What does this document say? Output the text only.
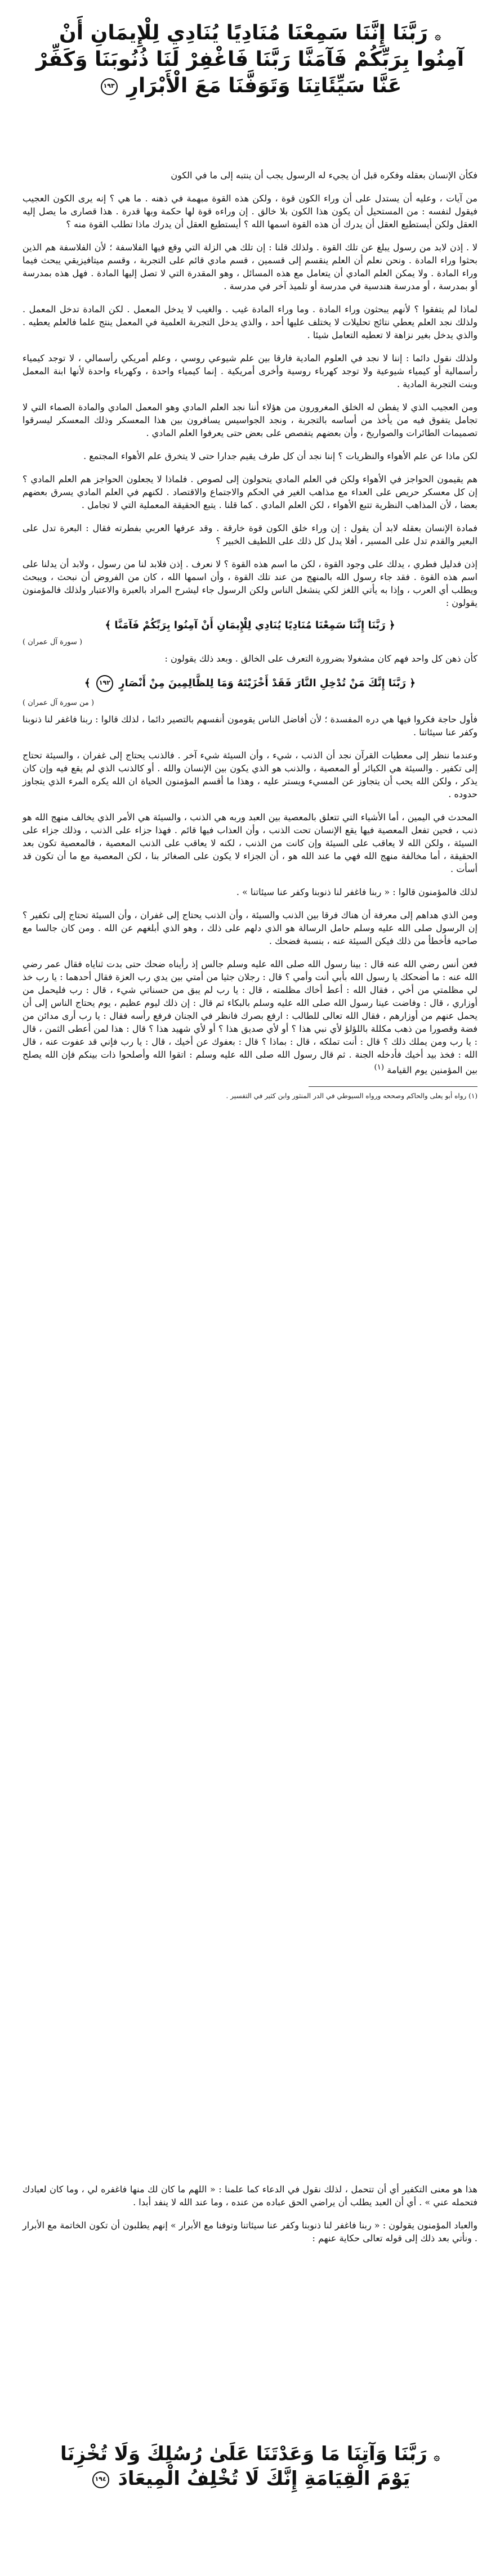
۞ رَبَّنَا إِنَّنَا سَمِعْنَا مُنَادِيًا يُنَادِي لِلْإِيمَانِ أَنْ
آمِنُوا بِرَبِّكُمْ فَآمَنَّا رَبَّنَا فَاغْفِرْ لَنَا ذُنُوبَنَا وَكَفِّرْ
عَنَّا سَيِّئَاتِنَا وَتَوَفَّنَا مَعَ الْأَبْرَارِ ١٩٣

فكأن الإنسان بعقله وفكره قبل أن يجيء له الرسول يجب أن ينتبه إلى ما في الكون

من آيات ، وعليه أن يستدل على أن وراء الكون قوة ، ولكن هذه القوة مبهمة في ذهنه . ما هي ؟ إنه يرى الكون العجيب فيقول لنفسه : من المستحيل أن يكون هذا الكون بلا خالق . إن وراءه قوة لها حكمة وبها قدرة . هذا قصارى ما يصل إليه العقل ولكن أيستطيع العقل أن يدرك أن هذه القوة اسمها الله ؟ أيستطيع العقل أن يدرك ماذا تطلب القوة منه ؟

لا . إذن لابد من رسول يبلغ عن تلك القوة . ولذلك قلنا : إن تلك هي الزلة التي وقع فيها الفلاسفة ؛ لأن الفلاسفة هم الذين بحثوا وراء المادة . ونحن نعلم أن العلم ينقسم إلى قسمين ، قسم مادي قائم على التجربة ، وقسم ميتافيزيقي يبحث فيما وراء المادة . ولا يمكن العلم المادي أن يتعامل مع هذه المسائل ، وهو المقدرة التي لا تصل إليها المادة . فهل هذه بمدرسة أو بمدرسة ، أو مدرسة هندسية في مدرسة أو تلميذ آخر في مدرسة .

لماذا لم يتفقوا ؟ لأنهم يبحثون وراء المادة . وما وراء المادة غيب . والغيب لا يدخل المعمل . لكن المادة تدخل المعمل . ولذلك نجد العلم يعطي نتائج تحليلات لا يختلف عليها أحد ، والذي يدخل التجربة العلمية في المعمل ينتج علما فالعلم يعطيه . والذي يدخل بغير نزاهة لا تعطيه التعامل شيئا .

ولذلك نقول دائما : إننا لا نجد في العلوم المادية فارقا بين علم شيوعي روسي ، وعلم أمريكي رأسمالي ، لا توجد كيمياء رأسمالية أو كيمياء شيوعية ولا توجد كهرباء روسية وأخرى أمريكية . إنما كيمياء واحدة ، وكهرباء واحدة لأنها ابنة المعمل وبنت التجربة المادية .

ومن العجيب الذي لا يفطن له الخلق المغرورون من هؤلاء أننا نجد العلم المادي وهو المعمل المادي والمادة الصماء التي لا تجامل يتفوق فيه من يأخذ من أساسه بالتجربة ، ونجد الجواسيس يسافرون بين هذا المعسكر وذلك المعسكر ليسرقوا تصميمات الطائرات والصواريخ ، وأن بعضهم يتفصص على بعض حتى يعرفوا العلم المادي .

لكن ماذا عن علم الأهواء والنظريات ؟ إننا نجد أن كل طرف يقيم جدارا حتى لا يتخرق علم الأهواء المجتمع .

هم يقيمون الحواجز في الأهواء ولكن في العلم المادي يتحولون إلى لصوص . فلماذا لا يجعلون الحواجز هم العلم المادي ؟ إن كل معسكر حريص على العداء مع مذاهب الغير في الحكم والاجتماع والاقتصاد . لكنهم في العلم المادي يسرق بعضهم بعضا ، لأن المذاهب النظرية تتبع الأهواء ، لكن العلم المادي . كما قلنا . يتبع الحقيقة المعملية التي لا تجامل .

فمادة الإنسان بعقله لابد أن يقول : إن وراء خلق الكون قوة خارقة . وقد عرفها العربي بفطرته فقال : البعرة تدل على البعير والقدم تدل على المسير ، أفلا يدل كل ذلك على اللطيف الخبير ؟

إذن فدليل فطري ، يدلك على وجود القوة ، لكن ما اسم هذه القوة ؟ لا نعرف . إذن فلابد لنا من رسول ، ولابد أن يدلنا على اسم هذه القوة . فقد جاء رسول الله بالمنهج من عند تلك القوة ، وأن اسمها الله ، كان من الفروض أن نبحث ، ويبحث ويطلب أي العرب ، وإذا به يأتي اللغز لكي ينشغل الناس ولكن الرسول جاء ليشرح المراد بالعبرة والاعتبار ولذلك فالمؤمنون يقولون :

﴿ رَبَّنَا إِنَّنَا سَمِعْنَا مُنَادِيًا يُنَادِي لِلْإِيمَانِ أَنْ آمِنُوا بِرَبِّكُمْ فَآمَنَّا ﴾
( سورة آل عمران )

كأن ذهن كل واحد فهم كان مشغولا بضرورة التعرف على الخالق . وبعد ذلك يقولون :

﴿ رَبَّنَا إِنَّكَ مَنْ تُدْخِلِ النَّارَ فَقَدْ أَخْزَيْتَهُ وَمَا لِلظَّالِمِينَ مِنْ أَنْصَارٍ ١٩٢ ﴾
( من سورة آل عمران )

فأول حاجة فكروا فيها هي دره المفسدة ؛ لأن أفاضل الناس يقومون أنفسهم بالتصير دائما ، لذلك قالوا : ربنا فاغفر لنا ذنوبنا وكفر عنا سيئاتنا .

وعندما ننظر إلى معطيات القرآن نجد أن الذنب ، شيء ، وأن السيئة شيء آخر . فالذنب يحتاج إلى غفران ، والسيئة تحتاج إلى تكفير . والسيئة هي الكبائر أو المعصية ، والذنب هو الذي يكون بين الإنسان والله . أو كالذنب الذي لم يقع فيه وإن كان يذكر ، ولكن الله يحب أن يتجاوز عن المسيء ويستر عليه ، وهذا ما أقسم المؤمنون الحياة ان الله يكره المرء الذي يتجاوز حدوده .

المحدث في اليمين ، أما الأشياء التي تتعلق بالمعصية بين العبد وربه هي الذنب ، والسيئة هي الأمر الذي يخالف منهج الله هو ذنب ، فحين تفعل المعصية فيها يقع الإنسان تحت الذنب ، وأن العذاب فيها قائم . فهذا جزاء على الذنب ، وذلك جزاء على السيئة ، ولكن الله لا يعاقب على السيئة وإن كانت من الذنب ، لكنه لا يعاقب على الذنب المعصية ، فالمعصية تكون بعد الحقيقة ، أما مخالفة منهج الله فهي ما عند الله هو ، أن الجزاء لا يكون على الصغائر بنا ، لكن المعصية مع ما أن تكون قد أسأت .

لذلك فالمؤمنون قالوا : « ربنا فاغفر لنا ذنوبنا وكفر عنا سيئاتنا » .

ومن الذي هداهم إلى معرفة أن هناك فرقا بين الذنب والسيئة ، وأن الذنب يحتاج إلى غفران ، وأن السيئة تحتاج إلى تكفير ؟ إن الرسول صلى الله عليه وسلم حامل الرسالة هو الذي دلهم على ذلك ، وهو الذي أبلغهم عن الله . ومن كان جالسا مع صاحبه فأخطأ من ذلك فيكن السيئة عنه ، بنسبة فضحك .

فعن أنس رضي الله عنه قال : بينا رسول الله صلى الله عليه وسلم جالس إذ رأيناه ضحك حتى بدت ثناياه فقال عمر رضي الله عنه : ما أضحكك يا رسول الله بأبي أنت وأمي ؟ قال : رجلان جثيا من أمتي بين يدي رب العزة فقال أحدهما : يا رب خذ لي مظلمتي من أخي ، فقال الله : أعط أخاك مظلمته ، قال : يا رب لم يبق من حسناتي شيء ، قال : رب فليحمل من أوزاري ، قال : وفاضت عينا رسول الله صلى الله عليه وسلم بالبكاء ثم قال : إن ذلك ليوم عظيم ، يوم يحتاج الناس إلى أن يحمل عنهم من أوزارهم ، فقال الله تعالى للطالب : ارفع بصرك فانظر في الجنان فرفع رأسه فقال : يا رب أرى مدائن من فضة وقصورا من ذهب مكللة باللؤلؤ لأي نبي هذا ؟ أو لأي صديق هذا ؟ أو لأي شهيد هذا ؟ قال : هذا لمن أعطى الثمن ، قال : يا رب ومن يملك ذلك ؟ قال : أنت تملكه ، قال : بماذا ؟ قال : بعفوك عن أخيك ، قال : يا رب فإني قد عفوت عنه ، قال الله : فخذ بيد أخيك فأدخله الجنة . ثم قال رسول الله صلى الله عليه وسلم : اتقوا الله وأصلحوا ذات بينكم فإن الله يصلح بين المؤمنين يوم القيامة $^{(١)}$

(١) رواه أبو يعلى والحاكم وصححه ورواه السيوطي في الدر المنثور وابن كثير في التفسير .

هذا هو معنى التكفير أي أن تتحمل ، لذلك نقول في الدعاء كما علمنا : « اللهم ما كان لك منها فاغفره لي ، وما كان لعبادك فتحمله عني » . أي أن العبد يطلب أن يراضي الحق عباده من عنده ، وما عند الله لا ينفد أبدا .

والعباد المؤمنون يقولون : « ربنا فاغفر لنا ذنوبنا وكفر عنا سيئاتنا وتوفنا مع الأبرار » إنهم يطلبون أن تكون الخاتمة مع الأبرار . ونأتي بعد ذلك إلى قوله تعالى حكاية عنهم :

۞ رَبَّنَا وَآتِنَا مَا وَعَدْتَنَا عَلَىٰ رُسُلِكَ وَلَا تُخْزِنَا
يَوْمَ الْقِيَامَةِ إِنَّكَ لَا تُخْلِفُ الْمِيعَادَ ١٩٤
